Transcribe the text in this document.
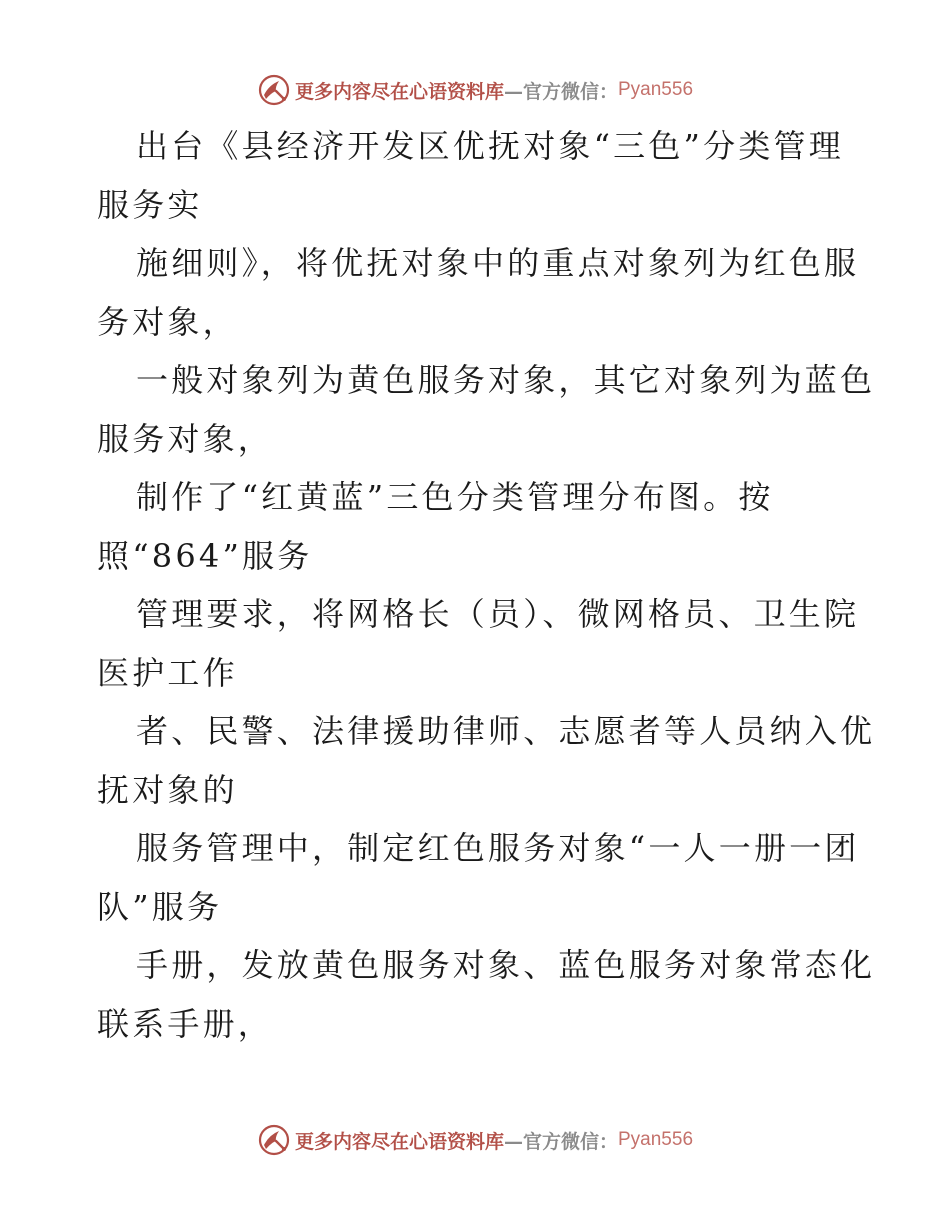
更多内容尽在心语资料库 —官方微信： Pyan556
出台《县经济开发区优抚对象“三色”分类管理
服务实
施细则》，将优抚对象中的重点对象列为红色服
务对象，
一般对象列为黄色服务对象，其它对象列为蓝色
服务对象，
制作了“红黄蓝”三色分类管理分布图。按
照“864”服务
管理要求，将网格长（员）、微网格员、卫生院
医护工作
者、民警、法律援助律师、志愿者等人员纳入优
抚对象的
服务管理中，制定红色服务对象“一人一册一团
队”服务
手册，发放黄色服务对象、蓝色服务对象常态化
联系手册，
更多内容尽在心语资料库 —官方微信： Pyan556
